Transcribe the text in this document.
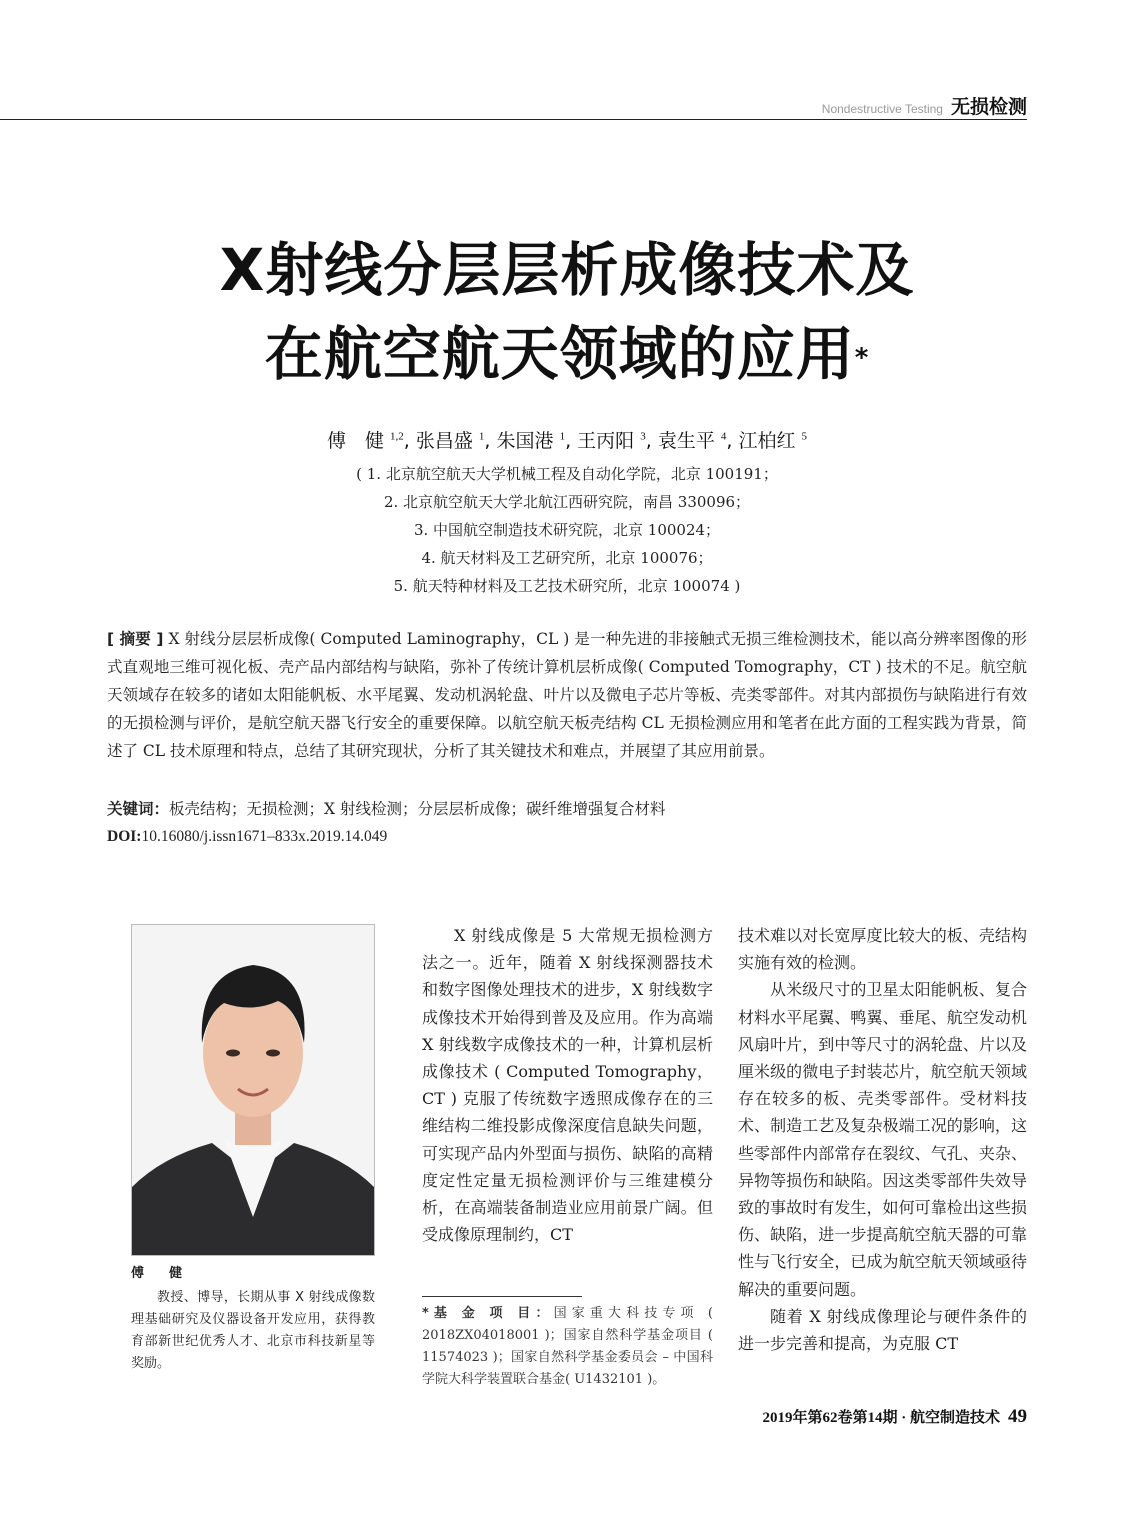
Nondestructive Testing 无损检测
X射线分层层析成像技术及
在航空航天领域的应用*
傅　健 $^{1,2}$, 张昌盛 $^1$, 朱国港 $^1$, 王丙阳 $^3$, 袁生平 $^4$, 江柏红 $^5$
( 1. 北京航空航天大学机械工程及自动化学院，北京 100191；
2. 北京航空航天大学北航江西研究院，南昌 330096；
3. 中国航空制造技术研究院，北京 100024；
4. 航天材料及工艺研究所，北京 100076；
5. 航天特种材料及工艺技术研究所，北京 100074 )
[ 摘要 ] X 射线分层层析成像( Computed Laminography，CL ) 是一种先进的非接触式无损三维检测技术，能以高分辨率图像的形式直观地三维可视化板、壳产品内部结构与缺陷，弥补了传统计算机层析成像( Computed Tomography，CT ) 技术的不足。航空航天领域存在较多的诸如太阳能帆板、水平尾翼、发动机涡轮盘、叶片以及微电子芯片等板、壳类零部件。对其内部损伤与缺陷进行有效的无损检测与评价，是航空航天器飞行安全的重要保障。以航空航天板壳结构 CL 无损检测应用和笔者在此方面的工程实践为背景，简述了 CL 技术原理和特点，总结了其研究现状，分析了其关键技术和难点，并展望了其应用前景。
关键词：板壳结构；无损检测；X 射线检测；分层层析成像；碳纤维增强复合材料
DOI:10.16080/j.issn1671–833x.2019.14.049
傅　健
教授、博导，长期从事 X 射线成像数理基础研究及仪器设备开发应用，获得教育部新世纪优秀人才、北京市科技新星等奖励。

X 射线成像是 5 大常规无损检测方法之一。近年，随着 X 射线探测器技术和数字图像处理技术的进步，X 射线数字成像技术开始得到普及及应用。作为高端 X 射线数字成像技术的一种，计算机层析成像技术 ( Computed Tomography，CT ) 克服了传统数字透照成像存在的三维结构二维投影成像深度信息缺失问题，可实现产品内外型面与损伤、缺陷的高精度定性定量无损检测评价与三维建模分析，在高端装备制造业应用前景广阔。但受成像原理制约，CT

*基 金 项 目：国家重大科技专项 ( 2018ZX04018001 )；国家自然科学基金项目 ( 11574023 )；国家自然科学基金委员会 – 中国科学院大科学装置联合基金( U1432101 )。

技术难以对长宽厚度比较大的板、壳结构实施有效的检测。

从米级尺寸的卫星太阳能帆板、复合材料水平尾翼、鸭翼、垂尾、航空发动机风扇叶片，到中等尺寸的涡轮盘、片以及厘米级的微电子封装芯片，航空航天领域存在较多的板、壳类零部件。受材料技术、制造工艺及复杂极端工况的影响，这些零部件内部常存在裂纹、气孔、夹杂、异物等损伤和缺陷。因这类零部件失效导致的事故时有发生，如何可靠检出这些损伤、缺陷，进一步提高航空航天器的可靠性与飞行安全，已成为航空航天领域亟待解决的重要问题。

随着 X 射线成像理论与硬件条件的进一步完善和提高，为克服 CT

2019年第62卷第14期 · 航空制造技术 49
